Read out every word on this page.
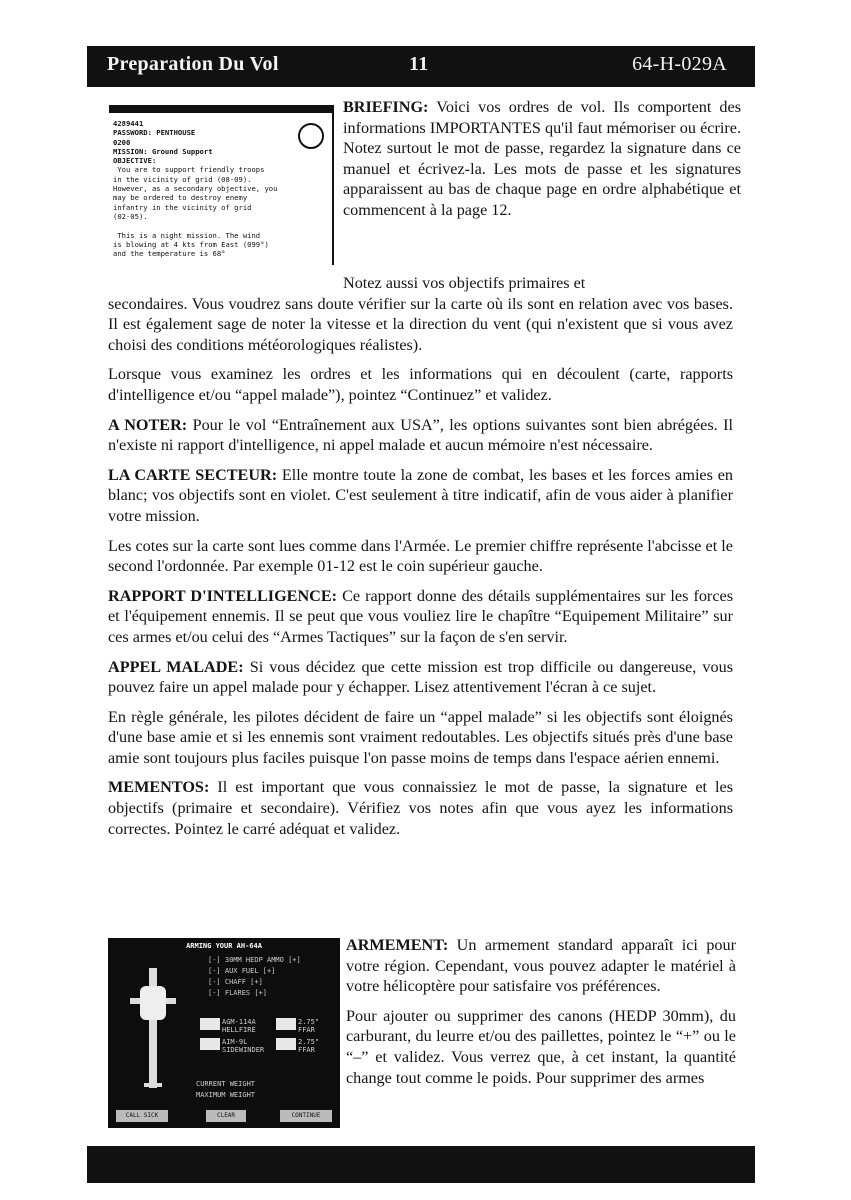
Preparation Du Vol	11	64-H-029A
4289441
PASSWORD: PENTHOUSE
0200
MISSION: Ground Support
OBJECTIVE:
You are to support friendly troops
in the vicinity of grid (08-09).
However, as a secondary objective, you
may be ordered to destroy enemy
infantry in the vicinity of grid
(02-05).

This is a night mission. The wind
is blowing at 4 kts from East (099°)
and the temperature is 68°

BRIEFING: Voici vos ordres de vol. Ils comportent des informations IMPORTANTES qu'il faut mémoriser ou écrire. Notez surtout le mot de passe, regardez la signature dans ce manuel et écrivez-la. Les mots de passe et les signatures apparaissent au bas de chaque page en ordre alphabétique et commencent à la page 12.

Notez aussi vos objectifs primaires et

secondaires. Vous voudrez sans doute vérifier sur la carte où ils sont en relation avec vos bases. Il est également sage de noter la vitesse et la direction du vent (qui n'existent que si vous avez choisi des conditions météorologiques réalistes).

Lorsque vous examinez les ordres et les informations qui en découlent (carte, rapports d'intelligence et/ou “appel malade”), pointez “Continuez” et validez.

A NOTER: Pour le vol “Entraînement aux USA”, les options suivantes sont bien abrégées. Il n'existe ni rapport d'intelligence, ni appel malade et aucun mémoire n'est nécessaire.

LA CARTE SECTEUR: Elle montre toute la zone de combat, les bases et les forces amies en blanc; vos objectifs sont en violet. C'est seulement à titre indicatif, afin de vous aider à planifier votre mission.

Les cotes sur la carte sont lues comme dans l'Armée. Le premier chiffre représente l'abcisse et le second l'ordonnée. Par exemple 01-12 est le coin supérieur gauche.

RAPPORT D'INTELLIGENCE: Ce rapport donne des détails supplémentaires sur les forces et l'équipement ennemis. Il se peut que vous vouliez lire le chapître “Equipement Militaire” sur ces armes et/ou celui des “Armes Tactiques” sur la façon de s'en servir.

APPEL MALADE: Si vous décidez que cette mission est trop difficile ou dangereuse, vous pouvez faire un appel malade pour y échapper. Lisez attentivement l'écran à ce sujet.

En règle générale, les pilotes décident de faire un “appel malade” si les objectifs sont éloignés d'une base amie et si les ennemis sont vraiment redoutables. Les objectifs situés près d'une base amie sont toujours plus faciles puisque l'on passe moins de temps dans l'espace aérien ennemi.

MEMENTOS: Il est important que vous connaissiez le mot de passe, la signature et les objectifs (primaire et secondaire). Vérifiez vos notes afin que vous ayez les informations correctes. Pointez le carré adéquat et validez.

ARMING YOUR AH-64A
[-] 30MM HEDP AMMO [+]
[-] AUX FUEL [+]
[-] CHAFF [+]
[-] FLARES [+]
AGM-114A HELLFIRE
2.75" FFAR
AIM-9L SIDEWINDER
2.75" FFAR
CURRENT WEIGHT
MAXIMUM WEIGHT
CALL SICK	CLEAR	CONTINUE

ARMEMENT: Un armement standard apparaît ici pour votre région. Cependant, vous pouvez adapter le matériel à votre hélicoptère pour satisfaire vos préférences.

Pour ajouter ou supprimer des canons (HEDP 30mm), du carburant, du leurre et/ou des paillettes, pointez le “+” ou le “–” et validez. Vous verrez que, à cet instant, la quantité change tout comme le poids. Pour supprimer des armes
